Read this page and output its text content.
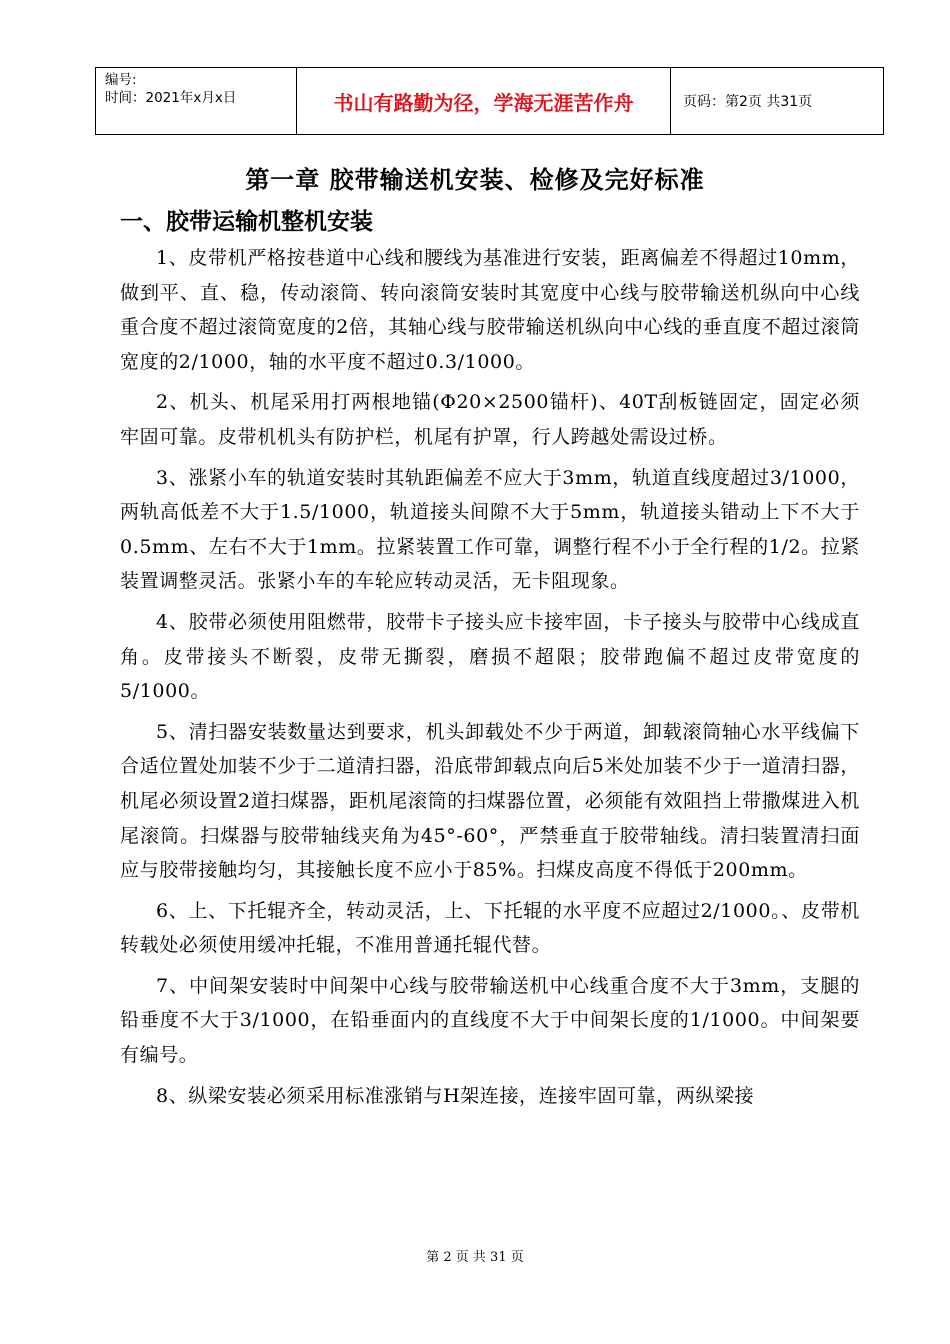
编号:
时间：2021年x月x日	书山有路勤为径，学海无涯苦作舟	页码：第2页 共31页
第一章 胶带输送机安装、检修及完好标准
一、胶带运输机整机安装

1、皮带机严格按巷道中心线和腰线为基准进行安装，距离偏差不得超过10mm，做到平、直、稳，传动滚筒、转向滚筒安装时其宽度中心线与胶带输送机纵向中心线重合度不超过滚筒宽度的2倍，其轴心线与胶带输送机纵向中心线的垂直度不超过滚筒宽度的2/1000，轴的水平度不超过0.3/1000。

2、机头、机尾采用打两根地锚(Φ20×2500锚杆)、40T刮板链固定，固定必须牢固可靠。皮带机机头有防护栏，机尾有护罩，行人跨越处需设过桥。

3、涨紧小车的轨道安装时其轨距偏差不应大于3mm，轨道直线度超过3/1000，两轨高低差不大于1.5/1000，轨道接头间隙不大于5mm，轨道接头错动上下不大于0.5mm、左右不大于1mm。拉紧装置工作可靠，调整行程不小于全行程的1/2。拉紧装置调整灵活。张紧小车的车轮应转动灵活，无卡阻现象。

4、胶带必须使用阻燃带，胶带卡子接头应卡接牢固，卡子接头与胶带中心线成直角。皮带接头不断裂，皮带无撕裂，磨损不超限；胶带跑偏不超过皮带宽度的5/1000。

5、清扫器安装数量达到要求，机头卸载处不少于两道，卸载滚筒轴心水平线偏下合适位置处加装不少于二道清扫器，沿底带卸载点向后5米处加装不少于一道清扫器，机尾必须设置2道扫煤器，距机尾滚筒的扫煤器位置，必须能有效阻挡上带撒煤进入机尾滚筒。扫煤器与胶带轴线夹角为45°-60°，严禁垂直于胶带轴线。清扫装置清扫面应与胶带接触均匀，其接触长度不应小于85%。扫煤皮高度不得低于200mm。

6、上、下托辊齐全，转动灵活，上、下托辊的水平度不应超过2/1000。、皮带机转载处必须使用缓冲托辊，不准用普通托辊代替。

7、中间架安装时中间架中心线与胶带输送机中心线重合度不大于3mm，支腿的铅垂度不大于3/1000，在铅垂面内的直线度不大于中间架长度的1/1000。中间架要有编号。

8、纵梁安装必须采用标准涨销与H架连接，连接牢固可靠，两纵梁接

第 2 页 共 31 页
